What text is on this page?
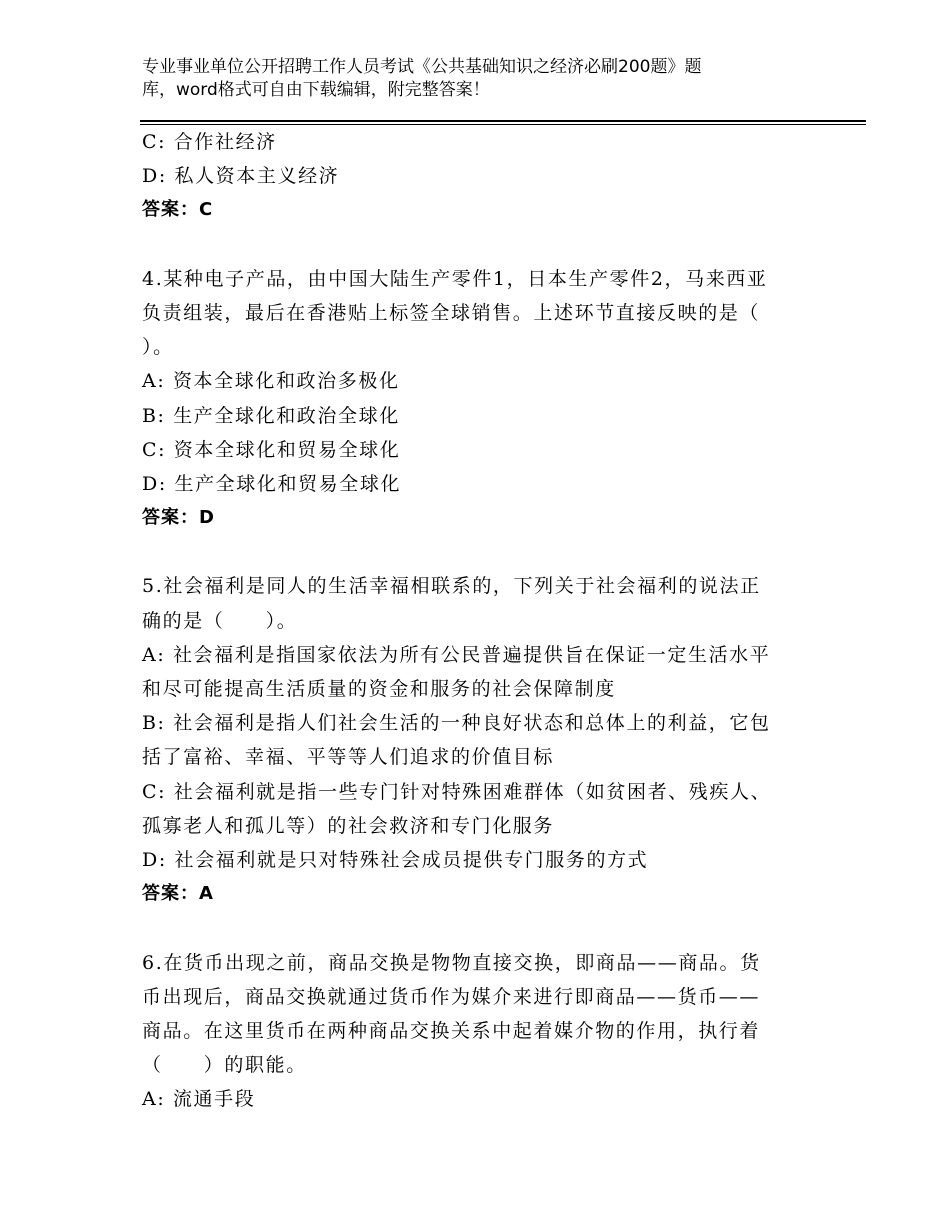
专业事业单位公开招聘工作人员考试《公共基础知识之经济必刷200题》题
库，word格式可自由下载编辑，附完整答案！
C: 合作社经济
D: 私人资本主义经济
答案：C
4.某种电子产品，由中国大陆生产零件1，日本生产零件2，马来西亚
负责组装，最后在香港贴上标签全球销售。上述环节直接反映的是（
）。
A: 资本全球化和政治多极化
B: 生产全球化和政治全球化
C: 资本全球化和贸易全球化
D: 生产全球化和贸易全球化
答案：D
5.社会福利是同人的生活幸福相联系的，下列关于社会福利的说法正
确的是（　　）。
A: 社会福利是指国家依法为所有公民普遍提供旨在保证一定生活水平
和尽可能提高生活质量的资金和服务的社会保障制度
B: 社会福利是指人们社会生活的一种良好状态和总体上的利益，它包
括了富裕、幸福、平等等人们追求的价值目标
C: 社会福利就是指一些专门针对特殊困难群体（如贫困者、残疾人、
孤寡老人和孤儿等）的社会救济和专门化服务
D: 社会福利就是只对特殊社会成员提供专门服务的方式
答案：A
6.在货币出现之前，商品交换是物物直接交换，即商品——商品。货
币出现后，商品交换就通过货币作为媒介来进行即商品——货币——
商品。在这里货币在两种商品交换关系中起着媒介物的作用，执行着
（　　）的职能。
A: 流通手段
